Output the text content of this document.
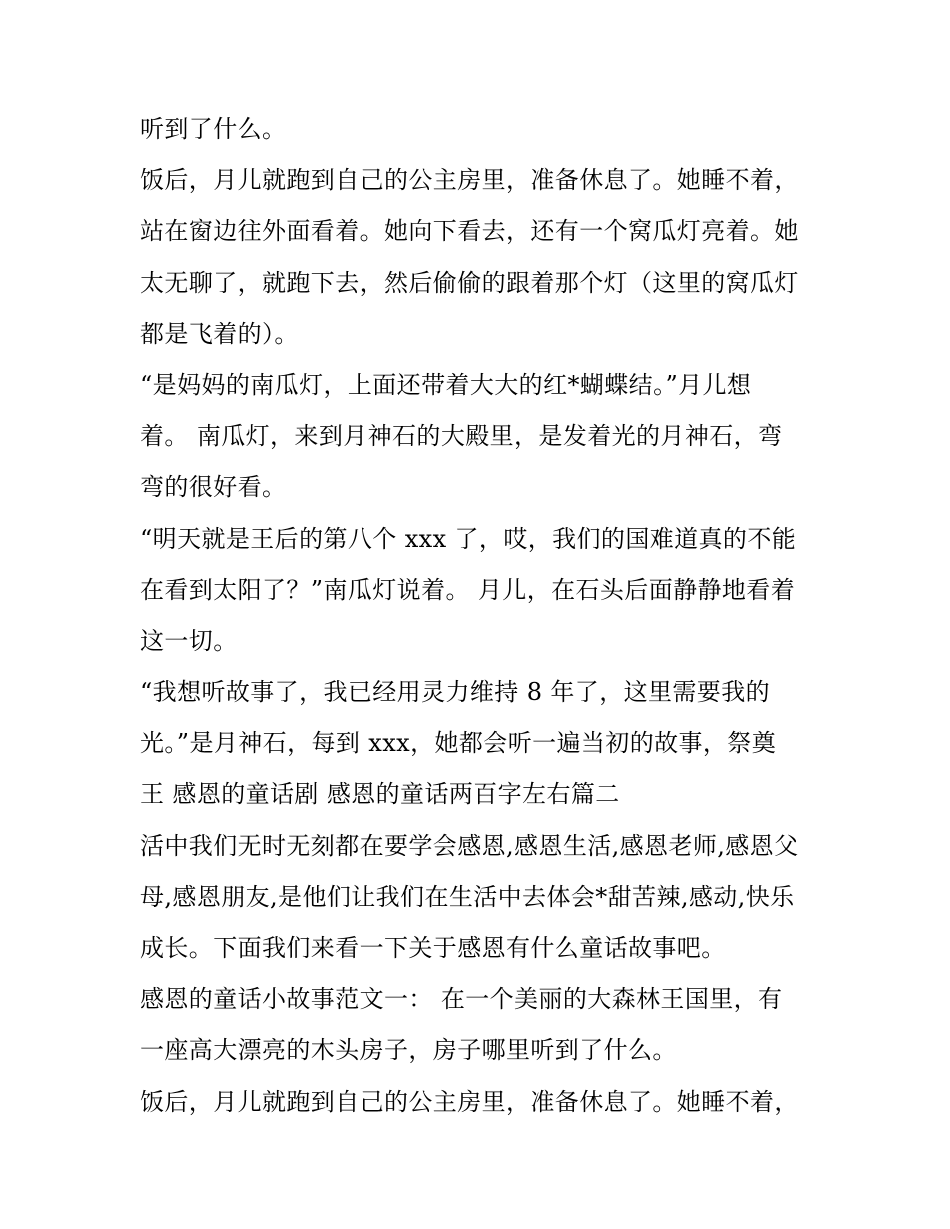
听到了什么。
饭后，月儿就跑到自己的公主房里，准备休息了。她睡不着，
站在窗边往外面看着。她向下看去，还有一个窝瓜灯亮着。她
太无聊了，就跑下去，然后偷偷的跟着那个灯（这里的窝瓜灯
都是飞着的）。
“是妈妈的南瓜灯，上面还带着大大的红*蝴蝶结。”月儿想
着。 南瓜灯，来到月神石的大殿里，是发着光的月神石，弯
弯的很好看。
“明天就是王后的第八个 xxx 了，哎，我们的国难道真的不能
在看到太阳了？”南瓜灯说着。 月儿，在石头后面静静地看着
这一切。
“我想听故事了，我已经用灵力维持 8 年了，这里需要我的
光。”是月神石，每到 xxx，她都会听一遍当初的故事，祭奠
王 感恩的童话剧 感恩的童话两百字左右篇二
活中我们无时无刻都在要学会感恩,感恩生活,感恩老师,感恩父
母,感恩朋友,是他们让我们在生活中去体会*甜苦辣,感动,快乐
成长。下面我们来看一下关于感恩有什么童话故事吧。
感恩的童话小故事范文一： 在一个美丽的大森林王国里，有
一座高大漂亮的木头房子，房子哪里听到了什么。
饭后，月儿就跑到自己的公主房里，准备休息了。她睡不着，
